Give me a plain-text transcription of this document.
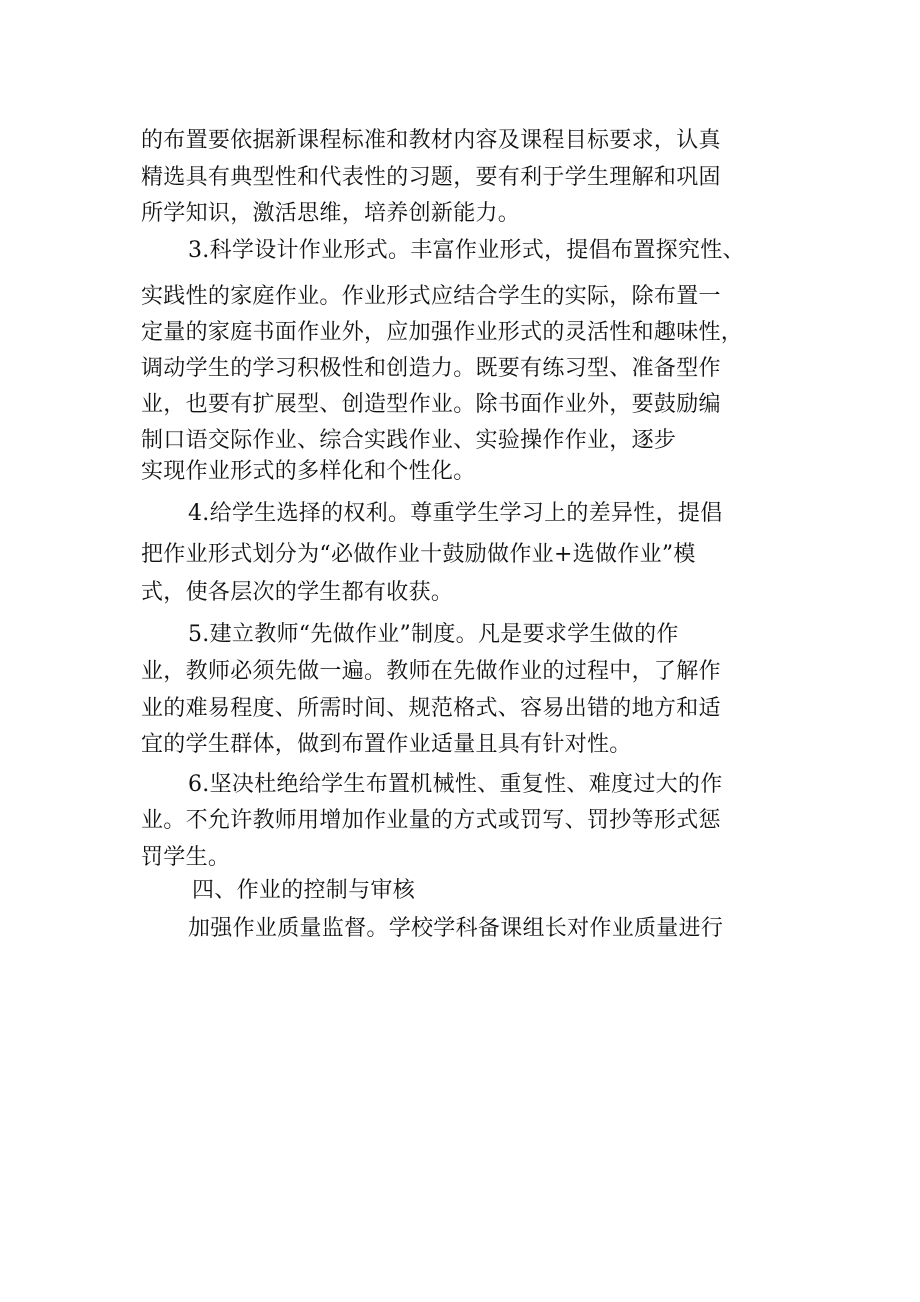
的布置要依据新课程标准和教材内容及课程目标要求，认真
精选具有典型性和代表性的习题，要有利于学生理解和巩固
所学知识，激活思维，培养创新能力。
3.科学设计作业形式。丰富作业形式，提倡布置探究性、
实践性的家庭作业。作业形式应结合学生的实际，除布置一
定量的家庭书面作业外，应加强作业形式的灵活性和趣味性，
调动学生的学习积极性和创造力。既要有练习型、准备型作
业，也要有扩展型、创造型作业。除书面作业外，要鼓励编
制口语交际作业、综合实践作业、实验操作作业，逐步
实现作业形式的多样化和个性化。
4.给学生选择的权利。尊重学生学习上的差异性，提倡
把作业形式划分为“必做作业十鼓励做作业+选做作业”模
式，使各层次的学生都有收获。
5.建立教师“先做作业”制度。凡是要求学生做的作
业，教师必须先做一遍。教师在先做作业的过程中，了解作
业的难易程度、所需时间、规范格式、容易出错的地方和适
宜的学生群体，做到布置作业适量且具有针对性。
6.坚决杜绝给学生布置机械性、重复性、难度过大的作
业。不允许教师用增加作业量的方式或罚写、罚抄等形式惩
罚学生。
四、作业的控制与审核
加强作业质量监督。学校学科备课组长对作业质量进行
